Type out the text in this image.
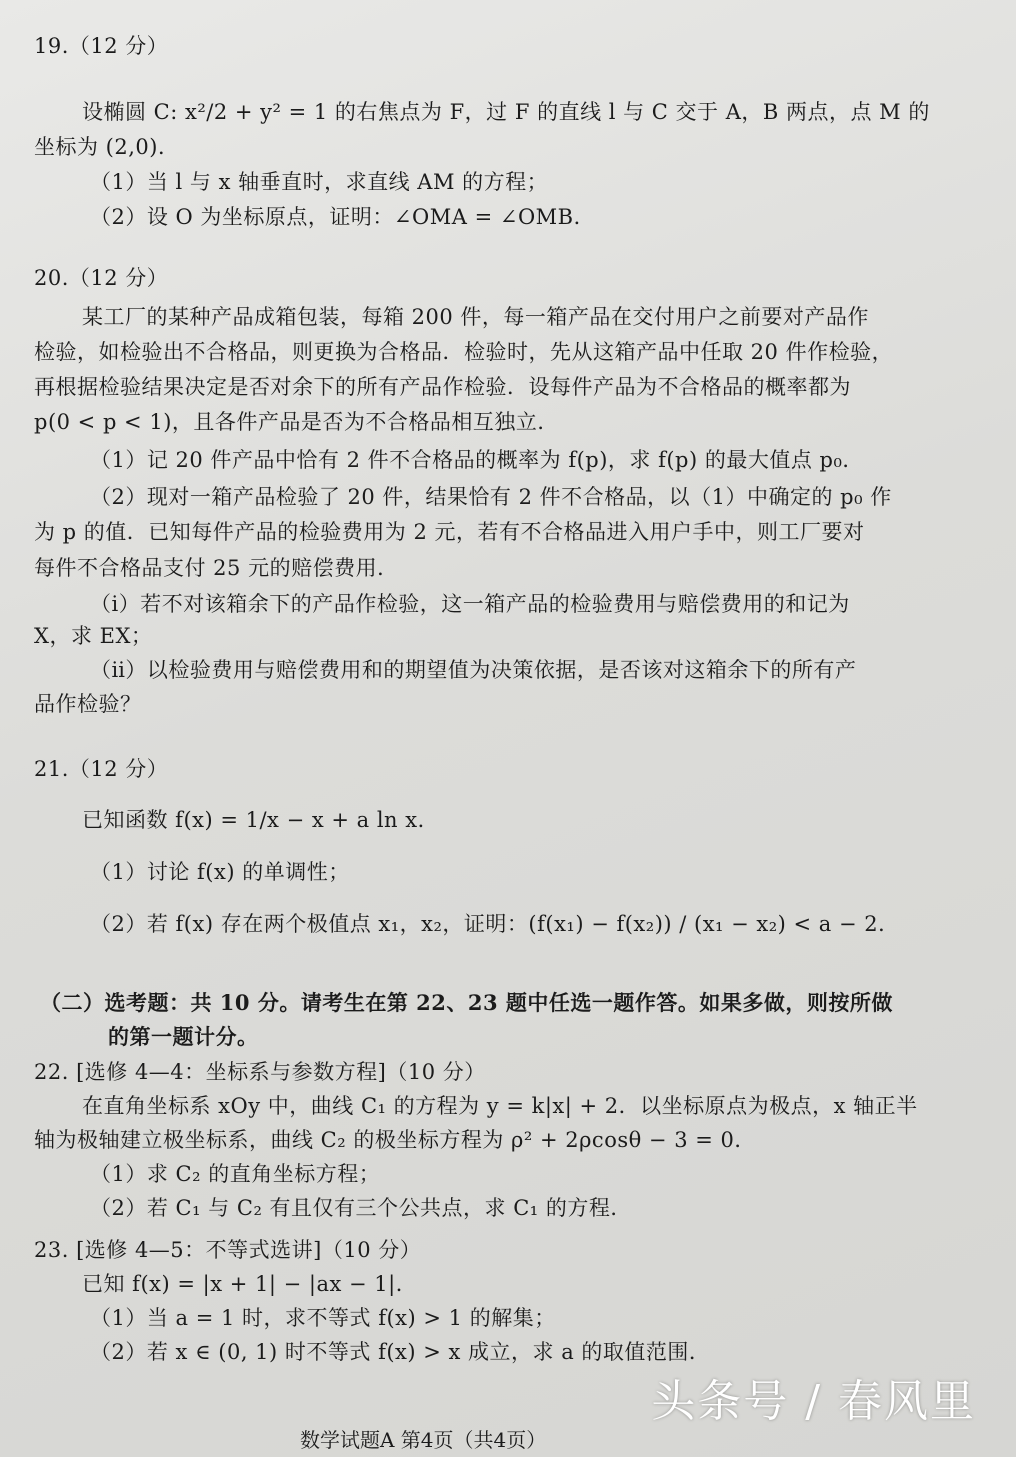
19.（12 分）
设椭圆 C: x²/2 + y² = 1 的右焦点为 F，过 F 的直线 l 与 C 交于 A，B 两点，点 M 的
坐标为 (2,0)．
（1）当 l 与 x 轴垂直时，求直线 AM 的方程；
（2）设 O 为坐标原点，证明：∠OMA = ∠OMB．
20.（12 分）
某工厂的某种产品成箱包装，每箱 200 件，每一箱产品在交付用户之前要对产品作
检验，如检验出不合格品，则更换为合格品．检验时，先从这箱产品中任取 20 件作检验，
再根据检验结果决定是否对余下的所有产品作检验．设每件产品为不合格品的概率都为
p(0 < p < 1)，且各件产品是否为不合格品相互独立．
（1）记 20 件产品中恰有 2 件不合格品的概率为 f(p)，求 f(p) 的最大值点 p₀．
（2）现对一箱产品检验了 20 件，结果恰有 2 件不合格品，以（1）中确定的 p₀ 作
为 p 的值．已知每件产品的检验费用为 2 元，若有不合格品进入用户手中，则工厂要对
每件不合格品支付 25 元的赔偿费用．
（ⅰ）若不对该箱余下的产品作检验，这一箱产品的检验费用与赔偿费用的和记为
X，求 EX；
（ⅱ）以检验费用与赔偿费用和的期望值为决策依据，是否该对这箱余下的所有产
品作检验？
21.（12 分）
已知函数 f(x) = 1/x − x + a ln x．
（1）讨论 f(x) 的单调性；
（2）若 f(x) 存在两个极值点 x₁，x₂，证明：(f(x₁) − f(x₂)) / (x₁ − x₂) < a − 2．
（二）选考题：共 10 分。请考生在第 22、23 题中任选一题作答。如果多做，则按所做
的第一题计分。
22. [选修 4—4：坐标系与参数方程]（10 分）
在直角坐标系 xOy 中，曲线 C₁ 的方程为 y = k|x| + 2．以坐标原点为极点，x 轴正半
轴为极轴建立极坐标系，曲线 C₂ 的极坐标方程为 ρ² + 2ρcosθ − 3 = 0．
（1）求 C₂ 的直角坐标方程；
（2）若 C₁ 与 C₂ 有且仅有三个公共点，求 C₁ 的方程．
23. [选修 4—5：不等式选讲]（10 分）
已知 f(x) = |x + 1| − |ax − 1|．
（1）当 a = 1 时，求不等式 f(x) > 1 的解集；
（2）若 x ∈ (0, 1) 时不等式 f(x) > x 成立，求 a 的取值范围．
数学试题A 第4页（共4页）
头条号 / 春风里
